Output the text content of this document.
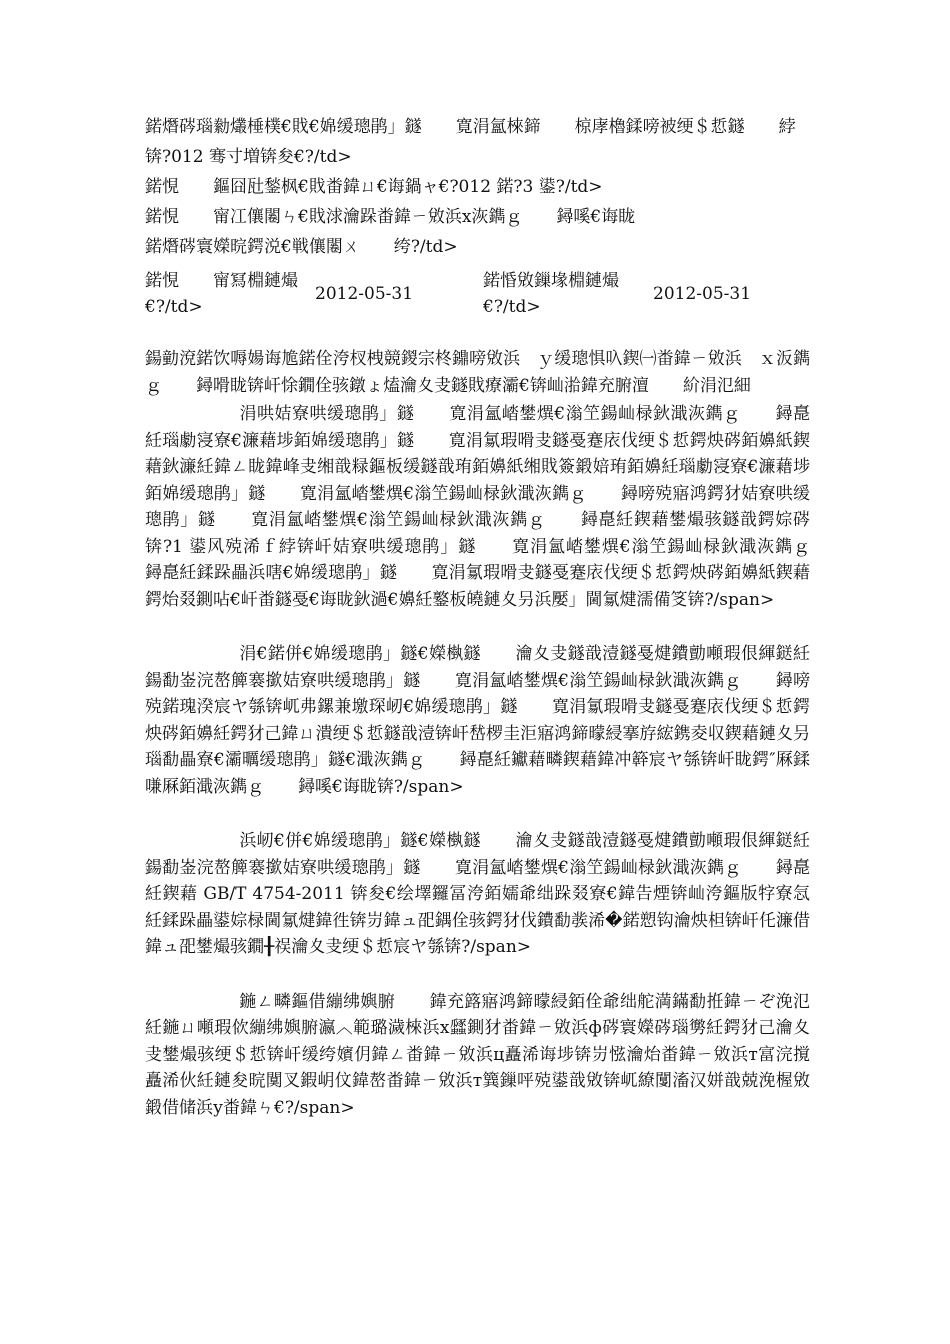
鍩熸硶瑙勬爜棰樸€戝€婂缓璁鹃」鐩　　寛涓氳棶鍗　　椋庨櫓鍒嗙被绠＄悊鐩　　綍锛?012 骞寸増锛夋€?/td>
鍩悓　　鏂囧瓧鍫枫€戝畨鍏ㄩ€诲鍋ャ€?012 鍩?3 鍙?/td>
鍩悓　　甯冮儴闂ㄣ€戝浗瀹跺畨鍏ㄧ敓浜х洃鐫ｇ　　鐞嗘€诲眬
鍩熸硶寰嬫晥鍔涚€戦儴闂ㄨ　　绔?/td>
鍩悓　　甯冩棩鏈熶€?/td>
2012-05-31
鍩惛敓鏁堟棩鏈熶€?/td>
2012-05-31
鍚勭渷鍩饮嗕婸诲尯鍩佺洿杈栧競鍐宗柊鐤嗙敓浜　ｙ缓璁惧叺鍥㈠畨鍏ㄧ敓浜　ｘ汳鐫ｇ　　鐞嗗眬锛屽悇鐗佺骇鐓ょ熆瀹夊叏鐩戝療灞€锛屾湁鍏充腑澶　　紒涓氾細
涓哄姞寮哄缓璁鹃」鐩　　寛涓氳崉鐢熼€滃笁鍚屾椂鈥濈洃鐫ｇ　　鐞嗭紝瑙勮寖寮€濂藉埗銆婂缓璁鹃」鐩　　寛涓氱瑕嗗叏鐩戞蹇庡伐绠＄悊鍔炴硶銆嬶紙鍥藉鈥濓紝鍏ㄥ眬鍏峰叏缃戠粶鏂板缓鐩戠珛銆嬶紙缃戝簽鍛婄珛銆嬶紝瑙勮寖寮€濂藉埗銆婂缓璁鹃」鐩　　寛涓氳崉鐢熼€滃笁鍚屾椂鈥濈洃鐫ｇ　　鐞嗙殑寤鸿鍔犲姞寮哄缓璁鹃」鐩　　寛涓氳崉鐢熼€滃笁鍚屾椂鈥濈洃鐫ｇ　　鐞嗭紝鍥藉鐢熶骇鐩戠鍔婃硶锛?1 鍙风殑浠ｆ綍锛屽姞寮哄缓璁鹃」鐩　　寛涓氳崉鐢熼€滃笁鍚屾椂鈥濈洃鐫ｇ　　鐞嗭紝鍒跺畾浜嗐€婂缓璁鹃」鐩　　寛涓氱瑕嗗叏鐩戞蹇庡伐绠＄悊鍔炴硶銆嬶紙鍥藉鍔炲叕鍘呫€屽畨鐩戞€诲眬鈥濄€嬶紝鐜板皢鏈夊叧浜嬮」閫氱煡濡備笅锛?/span>
涓€鍩併€婂缓璁鹃」鐩€嬫槸鐩　　瀹夊叏鐩戠潱鐩戞煡鐨勯噸瑕佷緷鎹紝鍚勫崟浣嶅簲褰撳姞寮哄缓璁鹃」鐩　　寛涓氳崉鐢熼€滃笁鍚屾椂鈥濈洃鐫ｇ　　鐞嗙殑鍩瑰湀宸ヤ綔锛屼弗鏍兼墽琛屻€婂缓璁鹃」鐩　　寛涓氱瑕嗗叏鐩戞蹇庡伐绠＄悊鍔炴硶銆嬶紝鍔犲己鍏ㄩ潰绠＄悊鐩戠潱锛屽嵆椤圭洰寤鸿鍗曚綅搴斿綋鎸夌収鍥藉鏈夊叧瑙勫畾寮€灞曞缓璁鹃」鐩€濈洃鐫ｇ　　鐞嗭紝钀藉疄鍥藉鍏冲簳宸ヤ綔锛屽眬鍔″厤鍒嗛厤銆濈洃鐫ｇ　　鐞嗘€诲眬锛?/span>
浜屻€併€婂缓璁鹃」鐩€嬫槸鐩　　瀹夊叏鐩戠潱鐩戞煡鐨勯噸瑕佷緷鎹紝鍚勫崟浣嶅簲褰撳姞寮哄缓璁鹃」鐩　　寛涓氳崉鐢熼€滃笁鍚屾椂鈥濈洃鐫ｇ　　鐞嗭紝鍥藉 GB/T 4754-2011 锛夋€绘墿鑼冨洿銆嬬爺绌跺叕寮€鍏告煙锛屾洿鏂版牸寮忥紝鍒跺畾鍙婃椂閫氱煡鍏徃锛岃鍏ュ巶鍝佺骇鍔犲伐鐨勫彂浠�鍩愬钩瀹炴柦锛屽仛濂借鍏ュ巶鐢熶骇鐗╂祦瀹夊叏绠＄悊宸ヤ綔锛?/span>
鍦ㄥ疄鏂借繃绋嬩腑　　鍏充簬寤鸿鍗曚綅銆佺爺绌舵満鏋勫拰鍏ㄧぞ浼氾紝鍦ㄩ噸瑕佽繃绋嬩腑瀛︿範璐濊棶浜х瓥鍘犲畨鍏ㄧ敓浜ф硶寰嬫硶瑙勶紝鍔犲己瀹夊叏鐢熶骇绠＄悊锛屽缓绔嬪仴鍏ㄥ畨鍏ㄧ敓浜ц矗浠诲埗锛岃惤瀹炲畨鍏ㄧ敓浜т富浣撹矗浠伙紝鏈夋晥闃叉鍜岄伩鍏嶅畨鍏ㄧ敓浜т簨鏁呯殑鍙戠敓锛屼繚闅滀汉姘戠兢浼楃敓鍛借储浜у畨鍏ㄣ€?/span>
